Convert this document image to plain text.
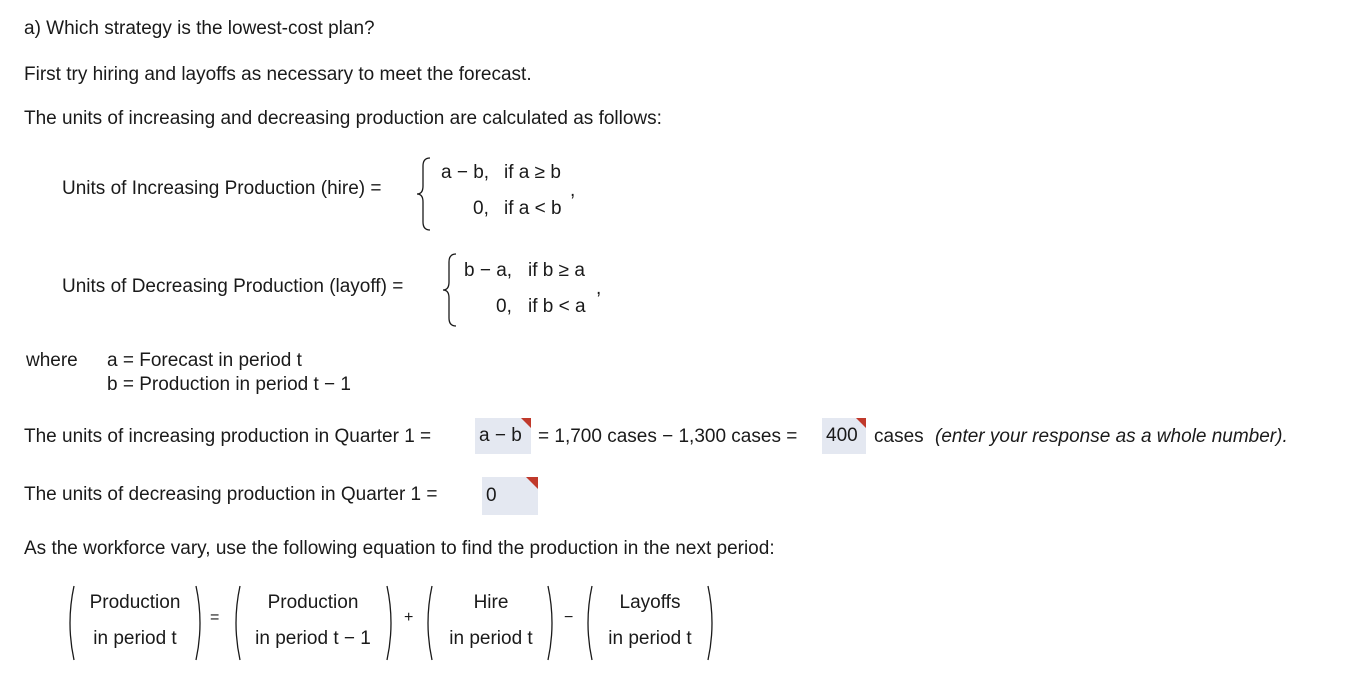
a) Which strategy is the lowest-cost plan?
First try hiring and layoffs as necessary to meet the forecast.
The units of increasing and decreasing production are calculated as follows:
Units of Increasing Production (hire) =
a − b, if a ≥ b
0, if a < b
,
Units of Decreasing Production (layoff) =
b − a, if b ≥ a
0, if b < a
,
where a = Forecast in period t
b = Production in period t − 1
The units of increasing production in Quarter 1 =	a − b = 1,700 cases − 1,300 cases = 400 cases (enter your response as a whole number).
The units of decreasing production in Quarter 1 =	0
As the workforce vary, use the following equation to find the production in the next period:
Production
in period t
=
Production
in period t − 1
+
Hire
in period t
−
Layoffs
in period t
